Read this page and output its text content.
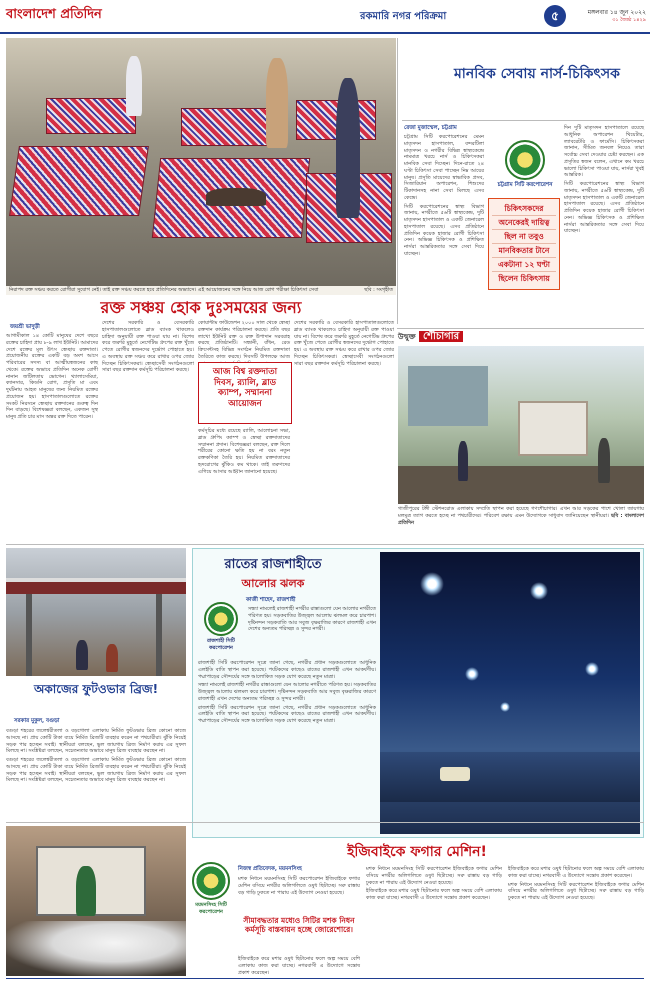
বাংলাদেশ প্রতিদিন	রকমারি নগর পরিক্রমা	৫	মঙ্গলবার ১৪ জুন ২০২২
৩১ জ্যৈষ্ঠ ১৪২৯
নিরাপদ রক্ত সঞ্চয় করতে রোগীরা সুযোগ নেই। তাই রক্ত সঞ্চয় করতে হবে প্রতিদিনের অভ্যাসে। এই আয়োজনের সঙ্গে নিয়ে আজ রোগ পরীক্ষা চিকিৎসা সেবা	ছবি : সংগৃহীত
রক্ত সঞ্চয় হোক দুঃসময়ের জন্য
জয়শ্রী ভাদুড়ী

আগামীকাল ১৪ কোটি মানুষের দেশে বছরে রক্তের চাহিদা প্রায় ৮-৯ লাখ ইউনিট। আমাদের দেশে রক্তের মূল উৎস স্বেচ্ছায় রক্তদাতা। প্রয়োজনীয় রক্তের একটি বড় অংশ আসে পরিবারের সদস্য বা আত্মীয়স্বজনের কাছ থেকে। রক্তের অভাবে প্রতিদিন অনেক রোগী নানান জটিলতায় ভোগেন। থ্যালাসেমিয়া, ক্যানসার, কিডনি রোগ, প্রসূতি মা এবং দুর্ঘটনায় আহত মানুষের জন্য নিয়মিত রক্তের প্রয়োজন হয়। হাসপাতালগুলোতে রক্তের সংকট নিরসনে স্বেচ্ছায় রক্তদানের গুরুত্ব দিন দিন বাড়ছে। বিশেষজ্ঞরা বলছেন, একজন সুস্থ মানুষ প্রতি চার মাস অন্তর রক্ত দিতে পারেন।

দেশের সরকারি ও বেসরকারি হাসপাতালগুলোতে ব্লাড ব্যাংক থাকলেও চাহিদা অনুযায়ী রক্ত পাওয়া যায় না। বিশেষ করে জরুরি মুহূর্তে নেগেটিভ গ্রুপের রক্ত খুঁজে পেতে রোগীর স্বজনদের দুর্ভোগ পোহাতে হয়। এ অবস্থায় রক্ত সঞ্চয় করে রাখার ওপর জোর দিচ্ছেন চিকিৎসকরা। স্বেচ্ছাসেবী সংগঠনগুলো সারা বছর রক্তদান কর্মসূচি পরিচালনা করছে।

কোয়ান্টাম ফাউন্ডেশন ২০০০ সাল থেকে স্বেচ্ছা রক্তদান কার্যক্রম পরিচালনা করছে। প্রতি বছর লাখো ইউনিট রক্ত ও রক্ত উপাদান সরবরাহ করছে প্রতিষ্ঠানটি। সন্ধানী, বাঁধন, রেড ক্রিসেন্টসহ বিভিন্ন সংগঠন নিয়মিত রক্তদাতা তৈরিতে কাজ করছে। দিবসটি উপলক্ষে আজ

আজ বিশ্ব রক্তদাতা দিবস, র‌্যালি, ব্লাড ক্যাম্প, সম্মাননা আয়োজন

কর্মসূচির মধ্যে রয়েছে র‌্যালি, আলোচনা সভা, ব্লাড গ্রুপিং ক্যাম্প ও স্বেচ্ছা রক্তদাতাদের সম্মাননা প্রদান। বিশেষজ্ঞরা বলছেন, রক্ত দিলে শরীরের কোনো ক্ষতি হয় না বরং নতুন রক্তকণিকা তৈরি হয়। নিয়মিত রক্তদাতাদের হৃদরোগের ঝুঁকিও কম থাকে। তাই তরুণদের এগিয়ে আসার আহ্বান জানানো হয়েছে।

দেশের সরকারি ও বেসরকারি হাসপাতালগুলোতে ব্লাড ব্যাংক থাকলেও চাহিদা অনুযায়ী রক্ত পাওয়া যায় না। বিশেষ করে জরুরি মুহূর্তে নেগেটিভ গ্রুপের রক্ত খুঁজে পেতে রোগীর স্বজনদের দুর্ভোগ পোহাতে হয়। এ অবস্থায় রক্ত সঞ্চয় করে রাখার ওপর জোর দিচ্ছেন চিকিৎসকরা। স্বেচ্ছাসেবী সংগঠনগুলো সারা বছর রক্তদান কর্মসূচি পরিচালনা করছে।

মানবিক সেবায় নার্স-চিকিৎসক
রেজা মুজাম্মেল, চট্টগ্রাম

চট্টগ্রাম সিটি করপোরেশনের মেমন মাতৃসদন হাসপাতাল, বন্দরটিলা মাতৃসদন ও নগরীর বিভিন্ন স্বাস্থ্যকেন্দ্রে নামমাত্র খরচে নার্স ও চিকিৎসকরা মানবিক সেবা দিচ্ছেন। দিনে-রাতে ২৪ ঘণ্টা চিকিৎসা সেবা পাচ্ছেন নিম্ন আয়ের মানুষ। প্রসূতি মায়েদের স্বাভাবিক প্রসব, সিজারিয়ান অপারেশন, শিশুদের টিকাদানসহ নানা সেবা মিলছে এসব কেন্দ্রে।

সিটি করপোরেশনের স্বাস্থ্য বিভাগ জানায়, নগরীতে ৫৬টি স্বাস্থ্যকেন্দ্র, দুটি মাতৃসদন হাসপাতাল ও একটি জেনারেল হাসপাতাল রয়েছে। এসব প্রতিষ্ঠানে প্রতিদিন কয়েক হাজার রোগী চিকিৎসা নেন। অভিজ্ঞ চিকিৎসক ও প্রশিক্ষিত নার্সরা আন্তরিকতার সঙ্গে সেবা দিয়ে যাচ্ছেন।

চট্টগ্রাম সিটি করপোরেশন
চিকিৎসকদের
অনেকেরই দায়িত্ব
ছিল না তবুও
মানবিকতার টানে
একটানা ১২ ঘণ্টা
ছিলেন চিকিৎসায়

দিন দুটি মাতৃসদন হাসপাতালে রয়েছে আধুনিক অপারেশন থিয়েটার, ল্যাবরেটরি ও ফার্মেসি। চিকিৎসকরা জানান, সীমিত জনবল নিয়েও তারা সর্বোচ্চ সেবা দেওয়ার চেষ্টা করছেন। এক প্রসূতির স্বজন বলেন, এখানে কম খরচে ভালো চিকিৎসা পাওয়া যায়, নার্সরা খুবই আন্তরিক।

সিটি করপোরেশনের স্বাস্থ্য বিভাগ জানায়, নগরীতে ৫৬টি স্বাস্থ্যকেন্দ্র, দুটি মাতৃসদন হাসপাতাল ও একটি জেনারেল হাসপাতাল রয়েছে। এসব প্রতিষ্ঠানে প্রতিদিন কয়েক হাজার রোগী চিকিৎসা নেন। অভিজ্ঞ চিকিৎসক ও প্রশিক্ষিত নার্সরা আন্তরিকতার সঙ্গে সেবা দিয়ে যাচ্ছেন।

উন্মুক্ত শৌচাগার
গাজীপুরের টঙ্গী স্টেশনরোড এলাকায় সম্প্রতি স্থাপন করা হয়েছে গণশৌচাগার। এখন আর সড়কের পাশে খোলা জায়গায় মলমূত্র ত্যাগ করতে হচ্ছে না পথচারীদের। পরিবেশ রক্ষায় এমন উদ্যোগকে সাধুবাদ জানিয়েছেন স্থানীয়রা। ছবি : বাংলাদেশ প্রতিদিন
অকাজের ফুটওভার ব্রিজ!
সরকার মুকুল, বগুড়া

বগুড়া শহরের জলেশ্বরীতলা ও বড়গোলা এলাকায় নির্মিত ফুটওভার ব্রিজ কোনো কাজে আসছে না। প্রায় কোটি টাকা ব্যয়ে নির্মিত ব্রিজটি ব্যবহার করেন না পথচারীরা। ঝুঁকি নিয়েই সড়ক পার হচ্ছেন সবাই। স্থানীয়রা বলছেন, ভুল জায়গায় ব্রিজ নির্মাণ করায় এর সুফল মিলছে না। সংশ্লিষ্টরা বলছেন, সচেতনতার অভাবে মানুষ ব্রিজ ব্যবহার করছেন না।

বগুড়া শহরের জলেশ্বরীতলা ও বড়গোলা এলাকায় নির্মিত ফুটওভার ব্রিজ কোনো কাজে আসছে না। প্রায় কোটি টাকা ব্যয়ে নির্মিত ব্রিজটি ব্যবহার করেন না পথচারীরা। ঝুঁকি নিয়েই সড়ক পার হচ্ছেন সবাই। স্থানীয়রা বলছেন, ভুল জায়গায় ব্রিজ নির্মাণ করায় এর সুফল মিলছে না। সংশ্লিষ্টরা বলছেন, সচেতনতার অভাবে মানুষ ব্রিজ ব্যবহার করছেন না।

রাতের রাজশাহীতে
আলোর ঝলক
কাজী শাহেদ, রাজশাহী
রাজশাহী সিটি করপোরেশন

সন্ধ্যা নামলেই রাজশাহী নগরীর রাস্তাগুলো যেন আলোর নগরীতে পরিণত হয়। সড়কবাতির উজ্জ্বল আলোয় ঝলমল করে চারপাশ। দৃষ্টিনন্দন সড়কবাতি আর সবুজ বৃক্ষরাজির কারণে রাজশাহী এখন দেশের অন্যতম পরিচ্ছন্ন ও সুন্দর নগরী।

রাজশাহী সিটি করপোরেশন সূত্রে জানা গেছে, নগরীর প্রধান সড়কগুলোতে আধুনিক এলইডি বাতি স্থাপন করা হয়েছে। পর্যটকদের কাছেও রাতের রাজশাহী এখন আকর্ষণীয়। পদ্মাপাড়ের সৌন্দর্যের সঙ্গে আলোকিত সড়ক যোগ করেছে নতুন মাত্রা।

সন্ধ্যা নামলেই রাজশাহী নগরীর রাস্তাগুলো যেন আলোর নগরীতে পরিণত হয়। সড়কবাতির উজ্জ্বল আলোয় ঝলমল করে চারপাশ। দৃষ্টিনন্দন সড়কবাতি আর সবুজ বৃক্ষরাজির কারণে রাজশাহী এখন দেশের অন্যতম পরিচ্ছন্ন ও সুন্দর নগরী।

রাজশাহী সিটি করপোরেশন সূত্রে জানা গেছে, নগরীর প্রধান সড়কগুলোতে আধুনিক এলইডি বাতি স্থাপন করা হয়েছে। পর্যটকদের কাছেও রাতের রাজশাহী এখন আকর্ষণীয়। পদ্মাপাড়ের সৌন্দর্যের সঙ্গে আলোকিত সড়ক যোগ করেছে নতুন মাত্রা।

ময়মনসিংহ সিটি করপোরেশন
ইজিবাইকে ফগার মেশিন!
নিজস্ব প্রতিবেদক, ময়মনসিংহ

মশক নিধনে ময়মনসিংহ সিটি করপোরেশন ইজিবাইকে ফগার মেশিন বসিয়ে নগরীর অলিগলিতে ওষুধ ছিটাচ্ছে। সরু রাস্তায় বড় গাড়ি ঢুকতে না পারায় এই উদ্যোগ নেওয়া হয়েছে।

সীমাবদ্ধতার মধ্যেও সিটির মশক নিধন কর্মসূচি বাস্তবায়ন হচ্ছে জোরেশোরে।

ইজিবাইকে করে মশার ওষুধ ছিটানোর ফলে অল্প সময়ে বেশি এলাকায় কাজ করা যাচ্ছে। নগরবাসী এ উদ্যোগে সন্তোষ প্রকাশ করেছেন।

মশক নিধনে ময়মনসিংহ সিটি করপোরেশন ইজিবাইকে ফগার মেশিন বসিয়ে নগরীর অলিগলিতে ওষুধ ছিটাচ্ছে। সরু রাস্তায় বড় গাড়ি ঢুকতে না পারায় এই উদ্যোগ নেওয়া হয়েছে।

ইজিবাইকে করে মশার ওষুধ ছিটানোর ফলে অল্প সময়ে বেশি এলাকায় কাজ করা যাচ্ছে। নগরবাসী এ উদ্যোগে সন্তোষ প্রকাশ করেছেন।

ইজিবাইকে করে মশার ওষুধ ছিটানোর ফলে অল্প সময়ে বেশি এলাকায় কাজ করা যাচ্ছে। নগরবাসী এ উদ্যোগে সন্তোষ প্রকাশ করেছেন।

মশক নিধনে ময়মনসিংহ সিটি করপোরেশন ইজিবাইকে ফগার মেশিন বসিয়ে নগরীর অলিগলিতে ওষুধ ছিটাচ্ছে। সরু রাস্তায় বড় গাড়ি ঢুকতে না পারায় এই উদ্যোগ নেওয়া হয়েছে।
